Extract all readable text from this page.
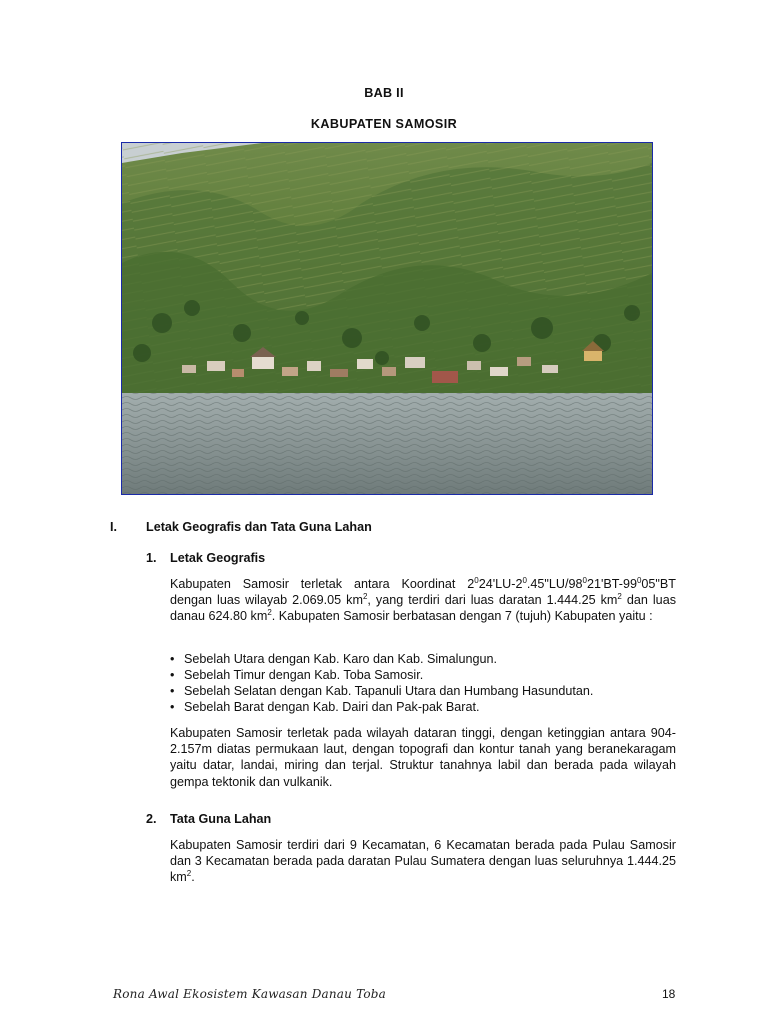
BAB II
KABUPATEN SAMOSIR
I. Letak Geografis dan Tata Guna Lahan
1. Letak Geografis

Kabupaten Samosir terletak antara Koordinat $2^024'LU-2^0.45"LU/98^021'BT-99^005"BT$ dengan luas wilayab 2.069.05 $km^2$, yang terdiri dari luas daratan 1.444.25 $km^2$ dan luas danau 624.80 $km^2$. Kabupaten Samosir berbatasan dengan 7 (tujuh) Kabupaten yaitu :

• Sebelah Utara dengan Kab. Karo dan Kab. Simalungun.
• Sebelah Timur dengan Kab. Toba Samosir.
• Sebelah Selatan dengan Kab. Tapanuli Utara dan Humbang Hasundutan.
• Sebelah Barat dengan Kab. Dairi dan Pak-pak Barat.

Kabupaten Samosir terletak pada wilayah dataran tinggi, dengan ketinggian antara 904-2.157m diatas permukaan laut, dengan topografi dan kontur tanah yang beranekaragam yaitu datar, landai, miring dan terjal. Struktur tanahnya labil dan berada pada wilayah gempa tektonik dan vulkanik.

2. Tata Guna Lahan

Kabupaten Samosir terdiri dari 9 Kecamatan, 6 Kecamatan berada pada Pulau Samosir dan 3 Kecamatan berada pada daratan Pulau Sumatera dengan luas seluruhnya 1.444.25 $km^2$.

Rona Awal Ekosistem Kawasan Danau Toba	18
